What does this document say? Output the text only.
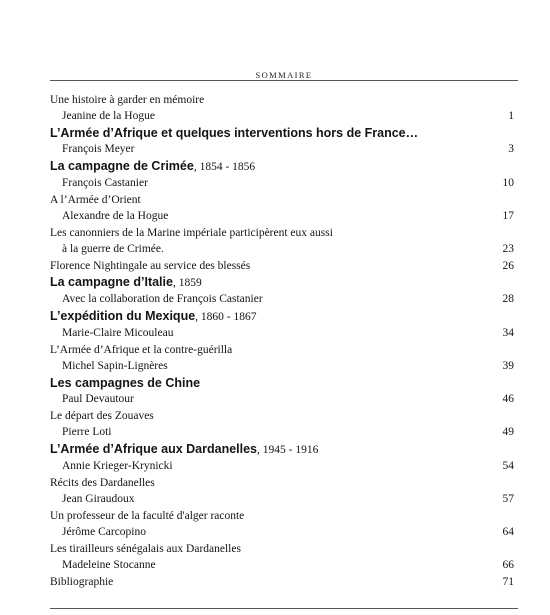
SOMMAIRE
Une histoire à garder en mémoire
Jeanine de la Hogue	1
L’Armée d’Afrique et quelques interventions hors de France…
François Meyer	3
La campagne de Crimée, 1854 - 1856
François Castanier	10
A l’Armée d’Orient
Alexandre de la Hogue	17
Les canonniers de la Marine impériale participèrent eux aussi
à la guerre de Crimée.	23
Florence Nightingale au service des blessés	26
La campagne d’Italie, 1859
Avec la collaboration de François Castanier	28
L’expédition du Mexique, 1860 - 1867
Marie-Claire Micouleau	34
L’Armée d’Afrique et la contre-guérilla
Michel Sapin-Lignères	39
Les campagnes de Chine
Paul Devautour	46
Le départ des Zouaves
Pierre Loti	49
L’Armée d’Afrique aux Dardanelles, 1945 - 1916
Annie Krieger-Krynicki	54
Récits des Dardanelles
Jean Giraudoux	57
Un professeur de la faculté d'alger raconte
Jérôme Carcopino	64
Les tirailleurs sénégalais aux Dardanelles
Madeleine Stocanne	66
Bibliographie	71
